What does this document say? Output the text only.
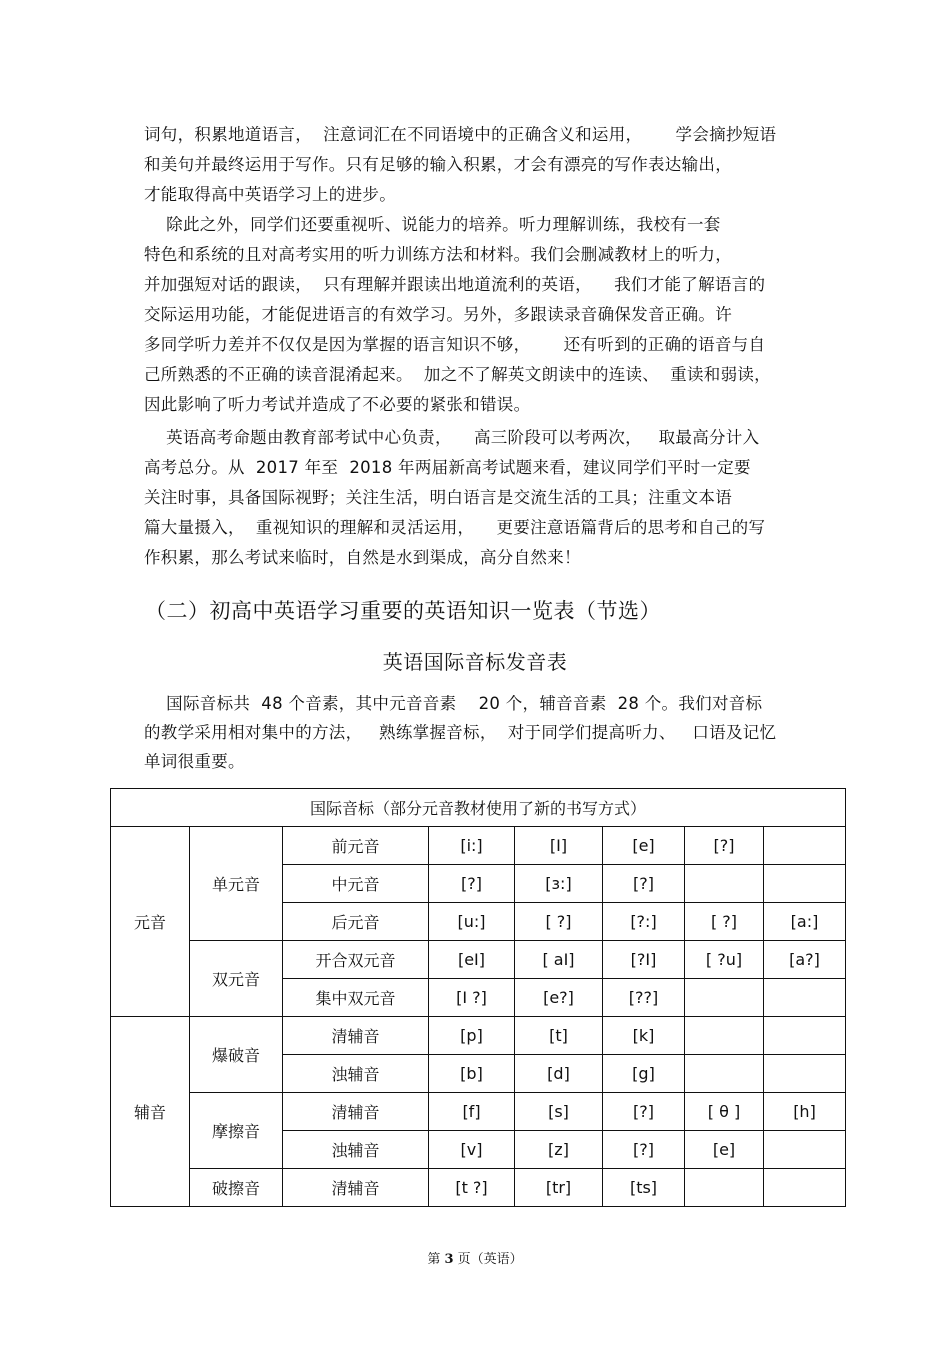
词句，积累地道语言，  注意词汇在不同语境中的正确含义和运用，      学会摘抄短语
和美句并最终运用于写作。只有足够的输入积累，才会有漂亮的写作表达输出，
才能取得高中英语学习上的进步。
除此之外，同学们还要重视听、说能力的培养。听力理解训练，我校有一套
特色和系统的且对高考实用的听力训练方法和材料。我们会删减教材上的听力，
并加强短对话的跟读，  只有理解并跟读出地道流利的英语，    我们才能了解语言的
交际运用功能，才能促进语言的有效学习。另外，多跟读录音确保发音正确。许
多同学听力差并不仅仅是因为掌握的语言知识不够，      还有听到的正确的语音与自
己所熟悉的不正确的读音混淆起来。  加之不了解英文朗读中的连读、  重读和弱读，
因此影响了听力考试并造成了不必要的紧张和错误。
英语高考命题由教育部考试中心负责，    高三阶段可以考两次，   取最高分计入
高考总分。从  2017 年至  2018 年两届新高考试题来看，建议同学们平时一定要
关注时事，具备国际视野；关注生活，明白语言是交流生活的工具；注重文本语
篇大量摄入，  重视知识的理解和灵活运用，    更要注意语篇背后的思考和自己的写
作积累，那么考试来临时，自然是水到渠成，高分自然来！
（二）初高中英语学习重要的英语知识一览表（节选）
英语国际音标发音表
国际音标共  48 个音素，其中元音音素    20 个，辅音音素  28 个。我们对音标
的教学采用相对集中的方法，   熟练掌握音标，  对于同学们提高听力、   口语及记忆
单词很重要。
国际音标（部分元音教材使用了新的书写方式）							
元音	单元音	前元音	[i:]	[I]	[e]	[?]	
		中元音	[?]	[ɜ:]	[?]		
		后元音	[u:]	[ ?]	[?:]	[ ?]	[a:]
	双元音	开合双元音	[eI]	[ aI]	[?I]	[ ?u]	[a?]
		集中双元音	[I ?]	[e?]	[??]		
辅音	爆破音	清辅音	[p]	[t]	[k]		
		浊辅音	[b]	[d]	[g]		
	摩擦音	清辅音	[f]	[s]	[?]	[ θ ]	[h]
		浊辅音	[v]	[z]	[?]	[e]	
	破擦音	清辅音	[t ?]	[tr]	[ts]		
第 3 页（英语）
